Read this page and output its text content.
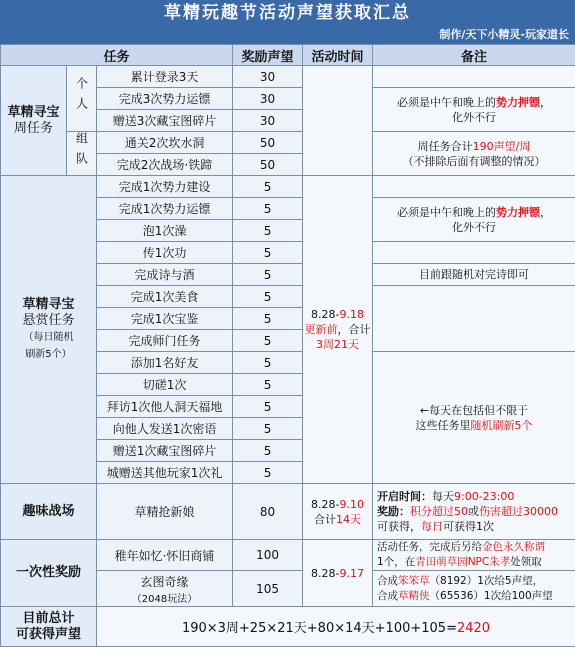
草精玩趣节活动声望获取汇总
制作/天下小精灵-玩家道长
任务			奖励声望	活动时间	备注
草精寻宝
周任务	个人	累计登录3天	30		
		完成3次势力运镖	30		必须是中午和晚上的势力押镖，
化外不行
		赠送3次藏宝图碎片	30		
	组队	通关2次坎水洞	50		周任务合计190声望/周
（不排除后面有调整的情况）
		完成2次战场·铁蹄	50		
草精寻宝
悬赏任务
（每日随机
刷新5个）		完成1次势力建设	5	8.28-9.18
更新前，合计3周21天	
		完成1次势力运镖	5		必须是中午和晚上的势力押镖，
化外不行
		泡1次澡	5		
		传1次功	5		
		完成诗与酒	5		目前跟随机对完诗即可
		完成1次美食	5		
		完成1次宝鉴	5		
		完成师门任务	5		
		添加1名好友	5		←每天在包括但不限于
这些任务里随机刷新5个
		切磋1次	5		
		拜访1次他人洞天福地	5		
		向他人发送1次密语	5		
		赠送1次藏宝图碎片	5		
		城赠送其他玩家1次礼	5		
趣味战场		草精抢新娘	80	8.28-9.10
合计14天	开启时间：每天9:00-23:00
奖励：积分超过50或伤害超过30000
可获得，每日可获得1次
一次性奖励		稚年如忆·怀旧商铺	100	8.28-9.17	活动任务，完成后另给金色永久称谓
1个，在青田萌草园NPC朱孝处领取
		玄图奇缘
（2048玩法）	105		合成笨笨草（8192）1次给5声望，
合成草精侠（65536）1次给100声望
目前总计
可获得声望		190×3周+25×21天+80×14天+100+105=2420			
